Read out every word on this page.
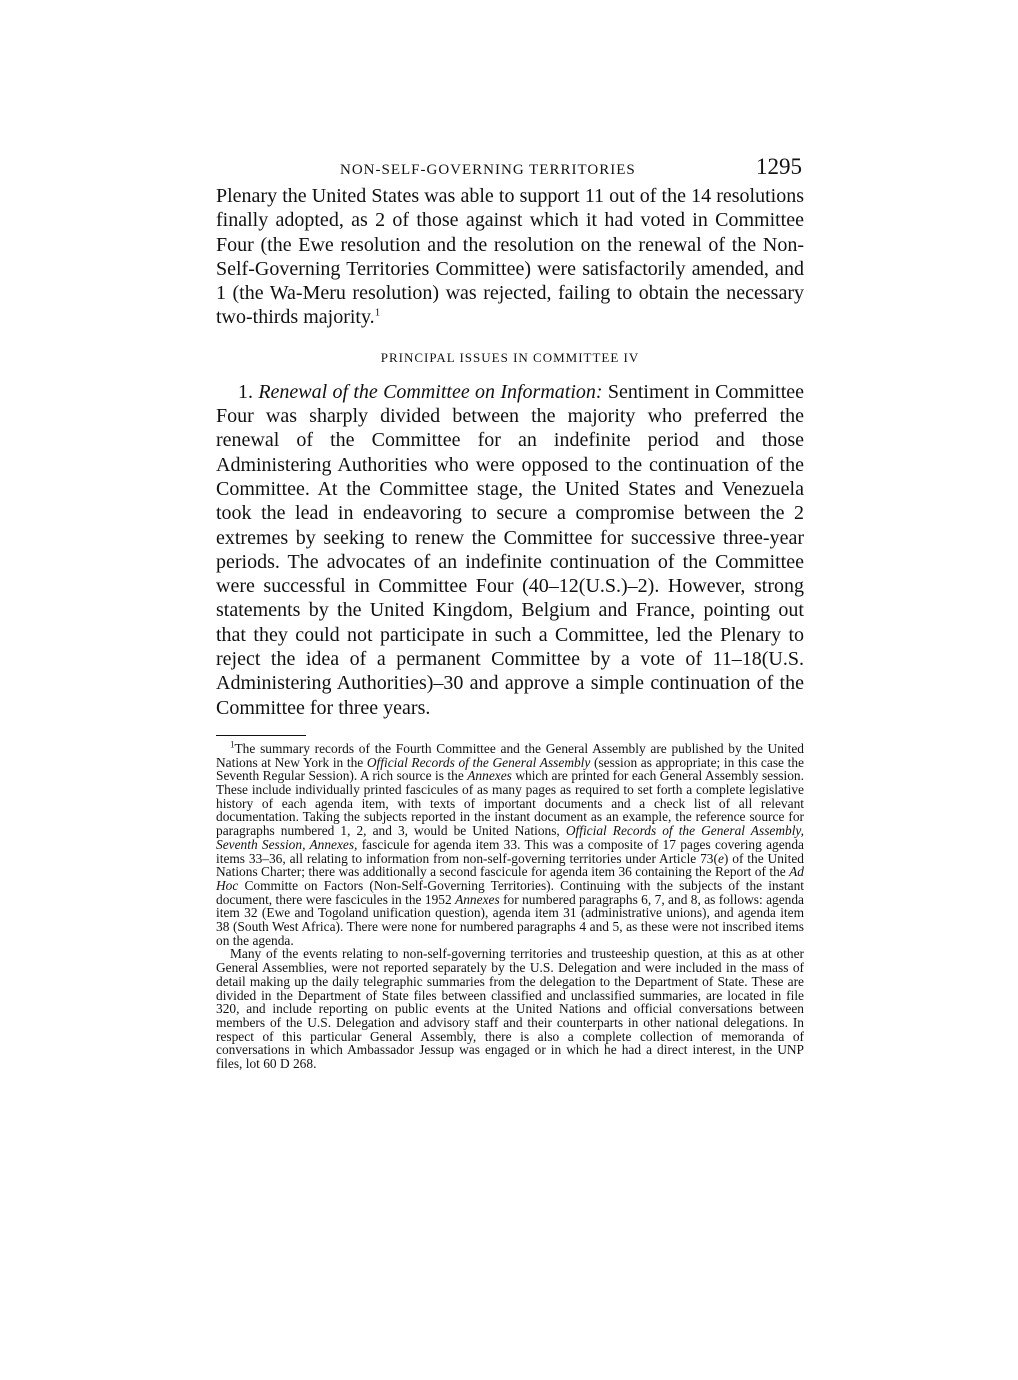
NON-SELF-GOVERNING TERRITORIES	1295

Plenary the United States was able to support 11 out of the 14 resolutions finally adopted, as 2 of those against which it had voted in Committee Four (the Ewe resolution and the resolution on the renewal of the Non-Self-Governing Territories Committee) were satisfactorily amended, and 1 (the Wa-Meru resolution) was rejected, failing to obtain the necessary two-thirds majority.$^1$

PRINCIPAL ISSUES IN COMMITTEE IV

1. Renewal of the Committee on Information: Sentiment in Committee Four was sharply divided between the majority who preferred the renewal of the Committee for an indefinite period and those Administering Authorities who were opposed to the continuation of the Committee. At the Committee stage, the United States and Venezuela took the lead in endeavoring to secure a compromise between the 2 extremes by seeking to renew the Committee for successive three-year periods. The advocates of an indefinite continuation of the Committee were successful in Committee Four (40–12(U.S.)–2). However, strong statements by the United Kingdom, Belgium and France, pointing out that they could not participate in such a Committee, led the Plenary to reject the idea of a permanent Committee by a vote of 11–18(U.S. Administering Authorities)–30 and approve a simple continuation of the Committee for three years.

$^1$The summary records of the Fourth Committee and the General Assembly are published by the United Nations at New York in the Official Records of the General Assembly (session as appropriate; in this case the Seventh Regular Session). A rich source is the Annexes which are printed for each General Assembly session. These include individually printed fascicules of as many pages as required to set forth a complete legislative history of each agenda item, with texts of important documents and a check list of all relevant documentation. Taking the subjects reported in the instant document as an example, the reference source for paragraphs numbered 1, 2, and 3, would be United Nations, Official Records of the General Assembly, Seventh Session, Annexes, fascicule for agenda item 33. This was a composite of 17 pages covering agenda items 33–36, all relating to information from non-self-governing territories under Article 73(e) of the United Nations Charter; there was additionally a second fascicule for agenda item 36 containing the Report of the Ad Hoc Committe on Factors (Non-Self-Governing Territories). Continuing with the subjects of the instant document, there were fascicules in the 1952 Annexes for numbered paragraphs 6, 7, and 8, as follows: agenda item 32 (Ewe and Togoland unification question), agenda item 31 (administrative unions), and agenda item 38 (South West Africa). There were none for numbered paragraphs 4 and 5, as these were not inscribed items on the agenda.

Many of the events relating to non-self-governing territories and trusteeship question, at this as at other General Assemblies, were not reported separately by the U.S. Delegation and were included in the mass of detail making up the daily telegraphic summaries from the delegation to the Department of State. These are divided in the Department of State files between classified and unclassified summaries, are located in file 320, and include reporting on public events at the United Nations and official conversations between members of the U.S. Delegation and advisory staff and their counterparts in other national delegations. In respect of this particular General Assembly, there is also a complete collection of memoranda of conversations in which Ambassador Jessup was engaged or in which he had a direct interest, in the UNP files, lot 60 D 268.
